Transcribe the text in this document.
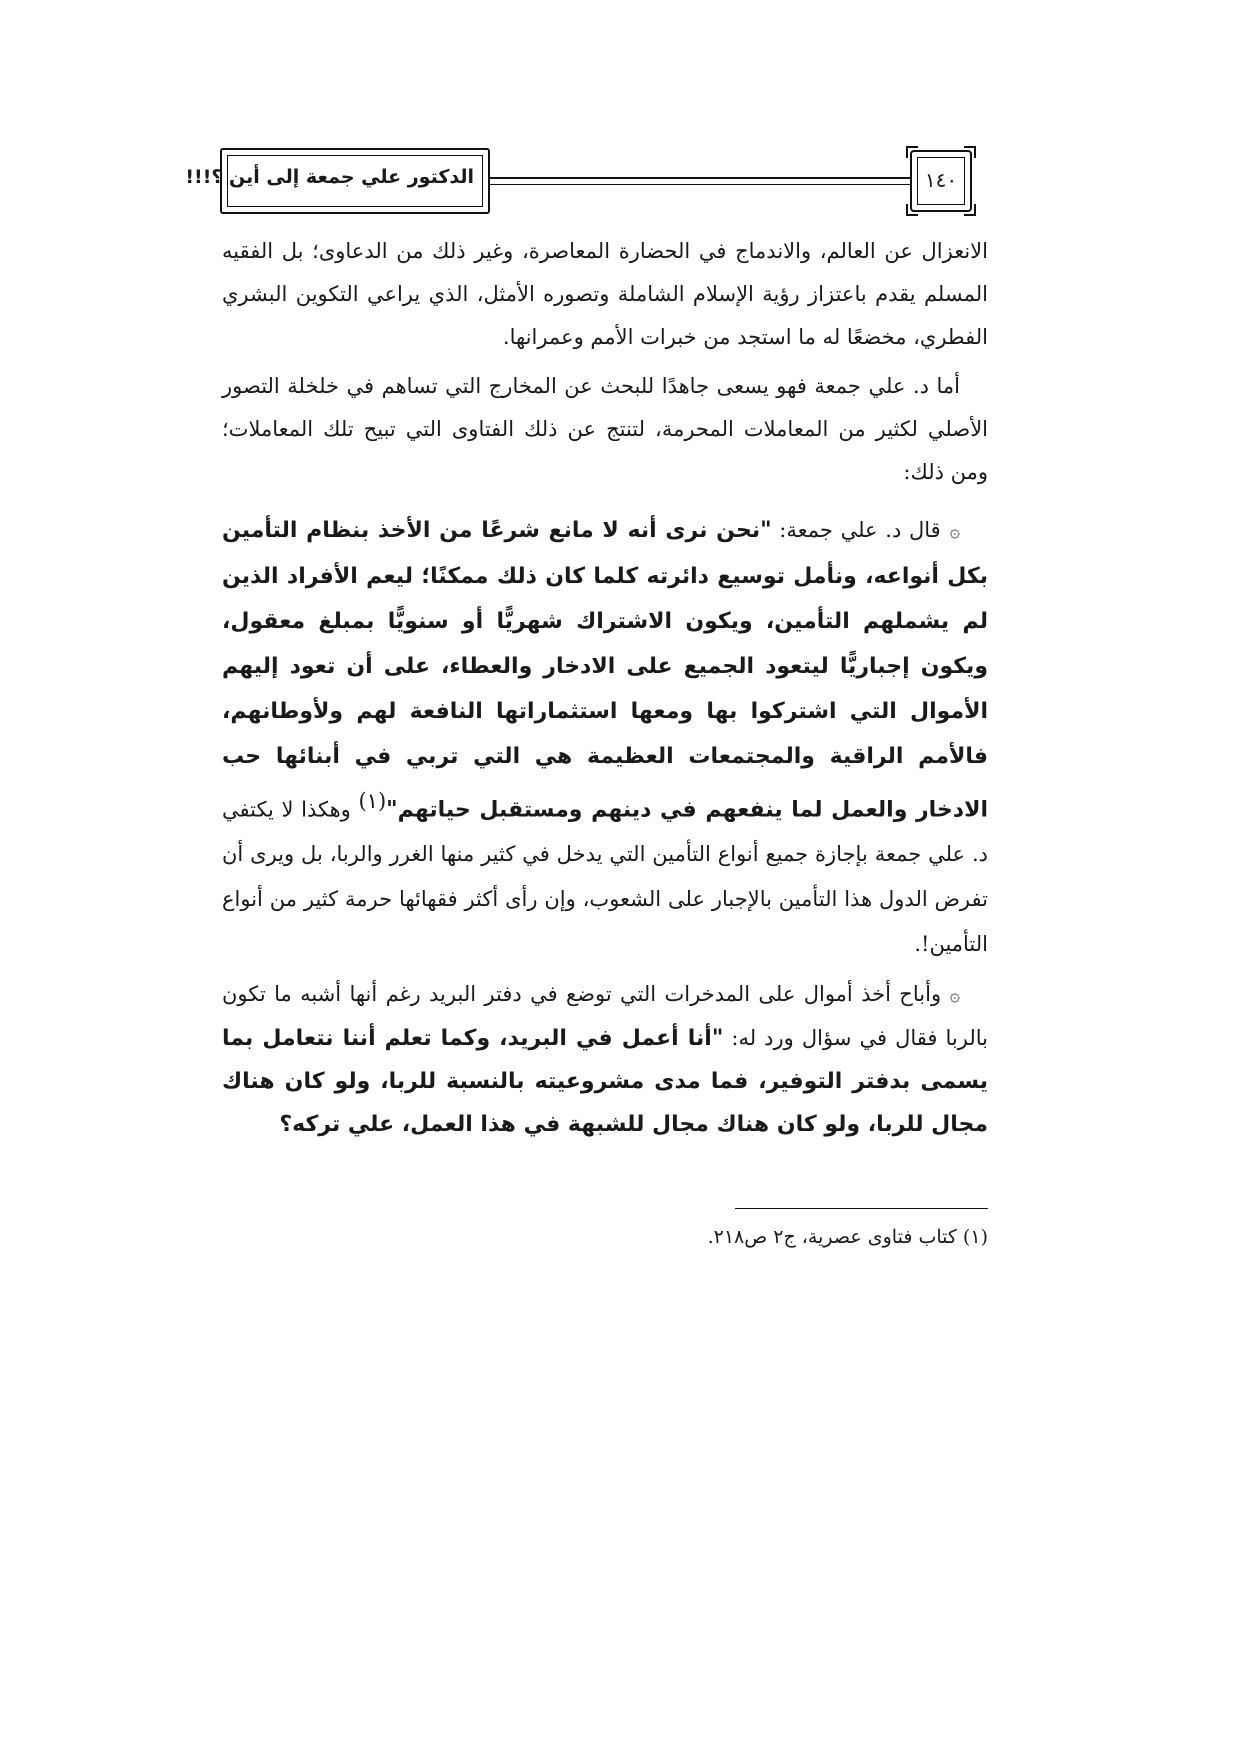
الدكتور علي جمعة إلى أين ؟!!!	١٤٠

الانعزال عن العالم، والاندماج في الحضارة المعاصرة، وغير ذلك من الدعاوى؛ بل الفقيه المسلم يقدم باعتزاز رؤية الإسلام الشاملة وتصوره الأمثل، الذي يراعي التكوين البشري الفطري، مخضعًا له ما استجد من خبرات الأمم وعمرانها.

أما د. علي جمعة فهو يسعى جاهدًا للبحث عن المخارج التي تساهم في خلخلة التصور الأصلي لكثير من المعاملات المحرمة، لتنتج عن ذلك الفتاوى التي تبيح تلك المعاملات؛ ومن ذلك:

۞ قال د. علي جمعة: "نحن نرى أنه لا مانع شرعًا من الأخذ بنظام التأمين بكل أنواعه، ونأمل توسيع دائرته كلما كان ذلك ممكنًا؛ ليعم الأفراد الذين لم يشملهم التأمين، ويكون الاشتراك شهريًّا أو سنويًّا بمبلغ معقول، ويكون إجباريًّا ليتعود الجميع على الادخار والعطاء، على أن تعود إليهم الأموال التي اشتركوا بها ومعها استثماراتها النافعة لهم ولأوطانهم، فالأمم الراقية والمجتمعات العظيمة هي التي تربي في أبنائها حب الادخار والعمل لما ينفعهم في دينهم ومستقبل حياتهم"$^{(١)}$ وهكذا لا يكتفي د. علي جمعة بإجازة جميع أنواع التأمين التي يدخل في كثير منها الغرر والربا، بل ويرى أن تفرض الدول هذا التأمين بالإجبار على الشعوب، وإن رأى أكثر فقهائها حرمة كثير من أنواع التأمين!.

۞ وأباح أخذ أموال على المدخرات التي توضع في دفتر البريد رغم أنها أشبه ما تكون بالربا فقال في سؤال ورد له: "أنا أعمل في البريد، وكما تعلم أننا نتعامل بما يسمى بدفتر التوفير، فما مدى مشروعيته بالنسبة للربا، ولو كان هناك مجال للربا، ولو كان هناك مجال للشبهة في هذا العمل، علي تركه؟

(١) كتاب فتاوى عصرية، ج٢ ص٢١٨.
